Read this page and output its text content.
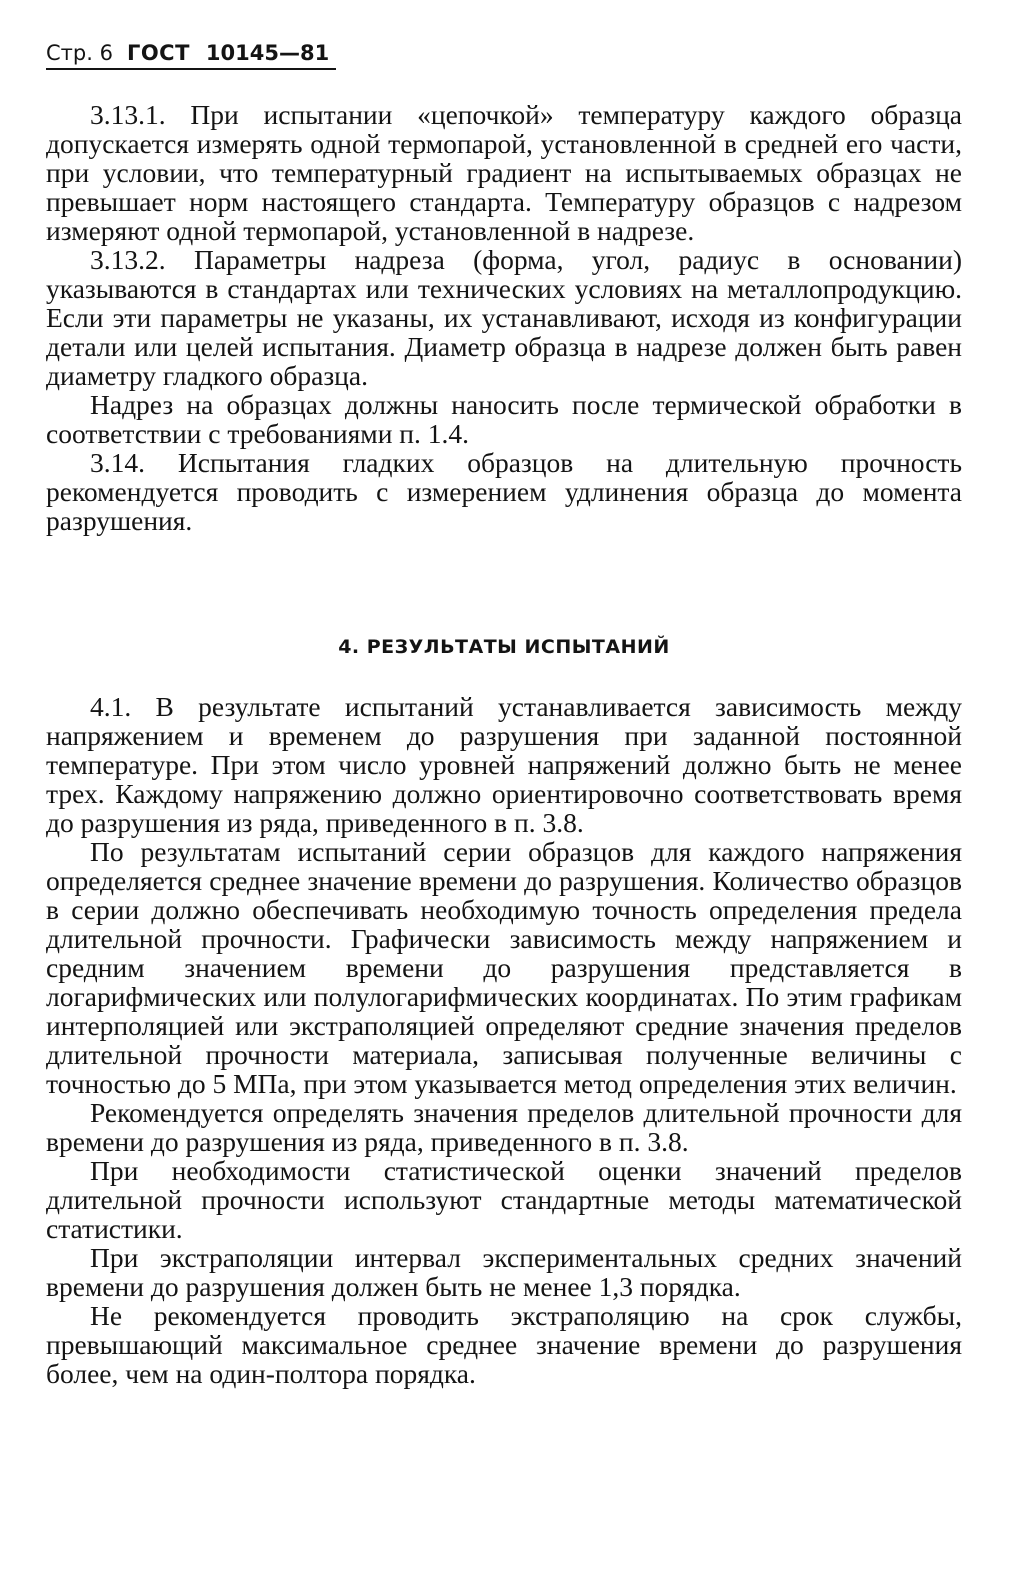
Стр. 6 ГОСТ 10145—81

3.13.1. При испытании «цепочкой» температуру каждого образца допускается измерять одной термопарой, установленной в средней его части, при условии, что температурный градиент на испытываемых образцах не превышает норм настоящего стандарта. Температуру образцов с надрезом измеряют одной термопарой, установленной в надрезе.

3.13.2. Параметры надреза (форма, угол, радиус в основании) указываются в стандартах или технических условиях на металлопродукцию. Если эти параметры не указаны, их устанавливают, исходя из конфигурации детали или целей испытания. Диаметр образца в надрезе должен быть равен диаметру гладкого образца.

Надрез на образцах должны наносить после термической обработки в соответствии с требованиями п. 1.4.

3.14. Испытания гладких образцов на длительную прочность рекомендуется проводить с измерением удлинения образца до момента разрушения.

4. РЕЗУЛЬТАТЫ ИСПЫТАНИЙ

4.1. В результате испытаний устанавливается зависимость между напряжением и временем до разрушения при заданной постоянной температуре. При этом число уровней напряжений должно быть не менее трех. Каждому напряжению должно ориентировочно соответствовать время до разрушения из ряда, приведенного в п. 3.8.

По результатам испытаний серии образцов для каждого напряжения определяется среднее значение времени до разрушения. Количество образцов в серии должно обеспечивать необходимую точность определения предела длительной прочности. Графически зависимость между напряжением и средним значением времени до разрушения представляется в логарифмических или полулогарифмических координатах. По этим графикам интерполяцией или экстраполяцией определяют средние значения пределов длительной прочности материала, записывая полученные величины с точностью до 5 МПа, при этом указывается метод определения этих величин.

Рекомендуется определять значения пределов длительной прочности для времени до разрушения из ряда, приведенного в п. 3.8.

При необходимости статистической оценки значений пределов длительной прочности используют стандартные методы математической статистики.

При экстраполяции интервал экспериментальных средних значений времени до разрушения должен быть не менее 1,3 порядка.

Не рекомендуется проводить экстраполяцию на срок службы, превышающий максимальное среднее значение времени до разрушения более, чем на один-полтора порядка.
